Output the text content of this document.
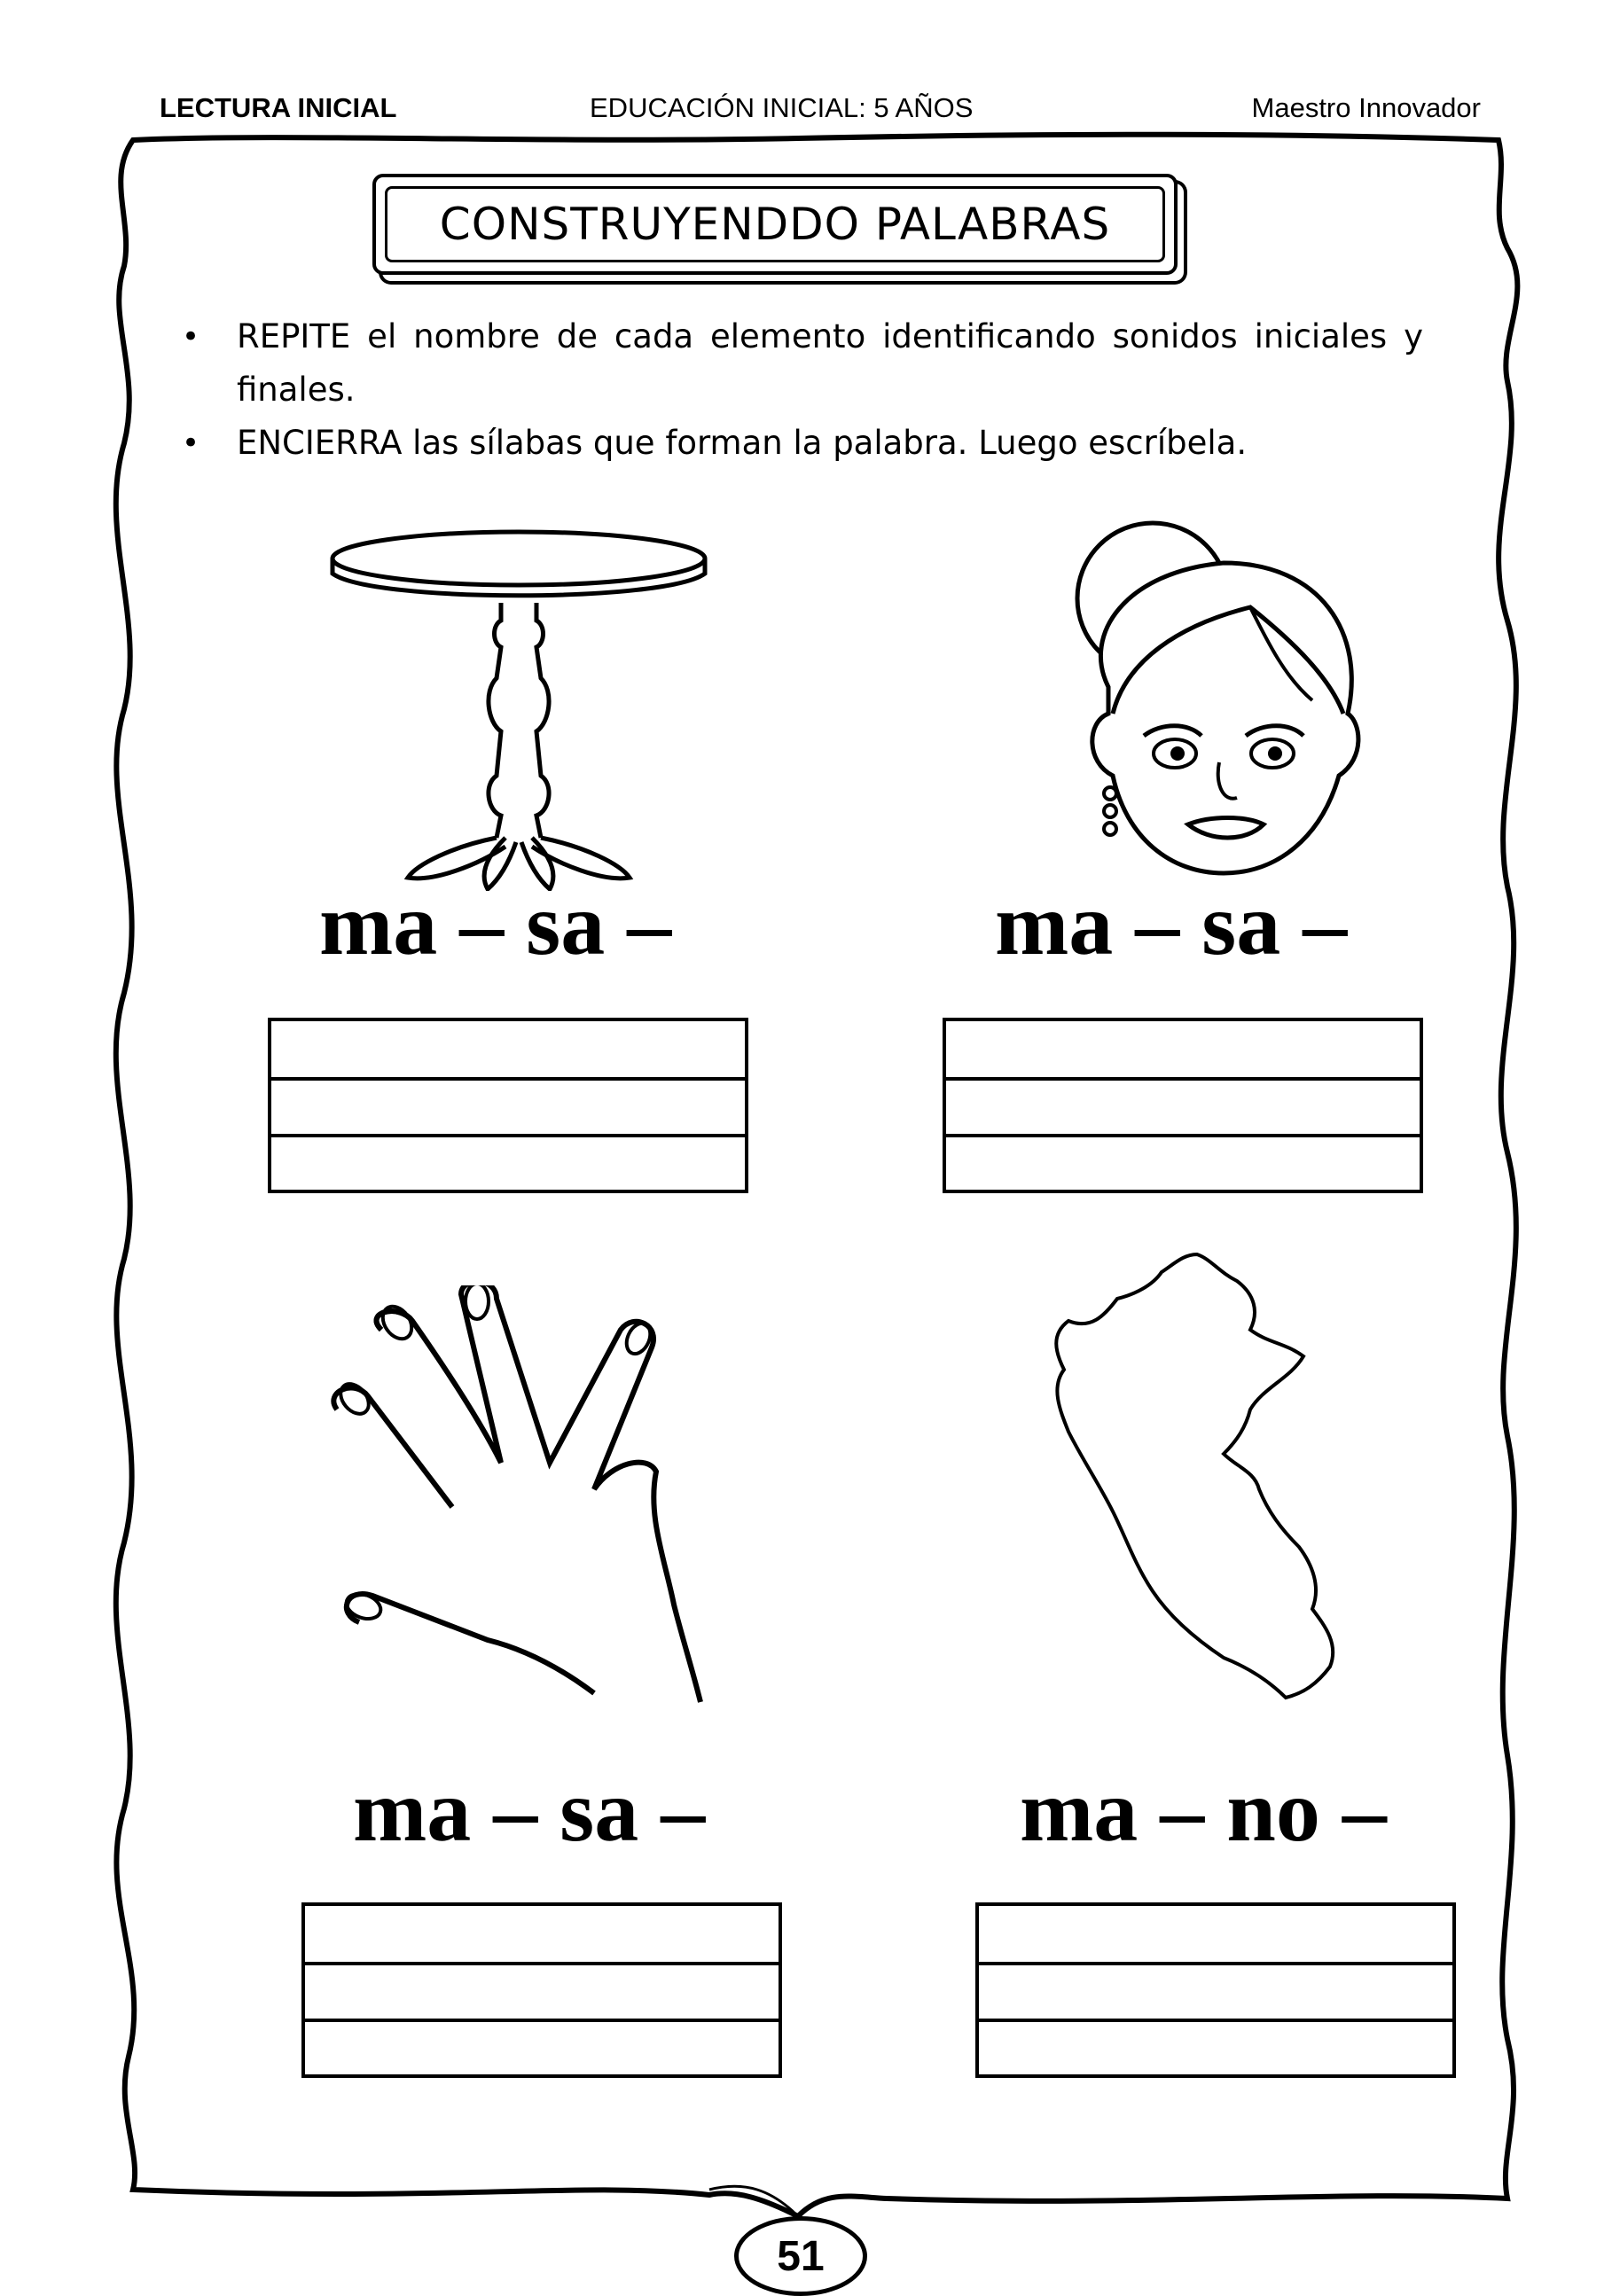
LECTURA INICIAL	EDUCACIÓN INICIAL: 5 AÑOS	Maestro Innovador
CONSTRUYENDDO PALABRAS
• REPITE el nombre de cada elemento identificando sonidos iniciales y finales.
• ENCIERRA las sílabas que forman la palabra. Luego escríbela.
ma – sa –	ma – sa –
ma – sa –	ma – no –
51
